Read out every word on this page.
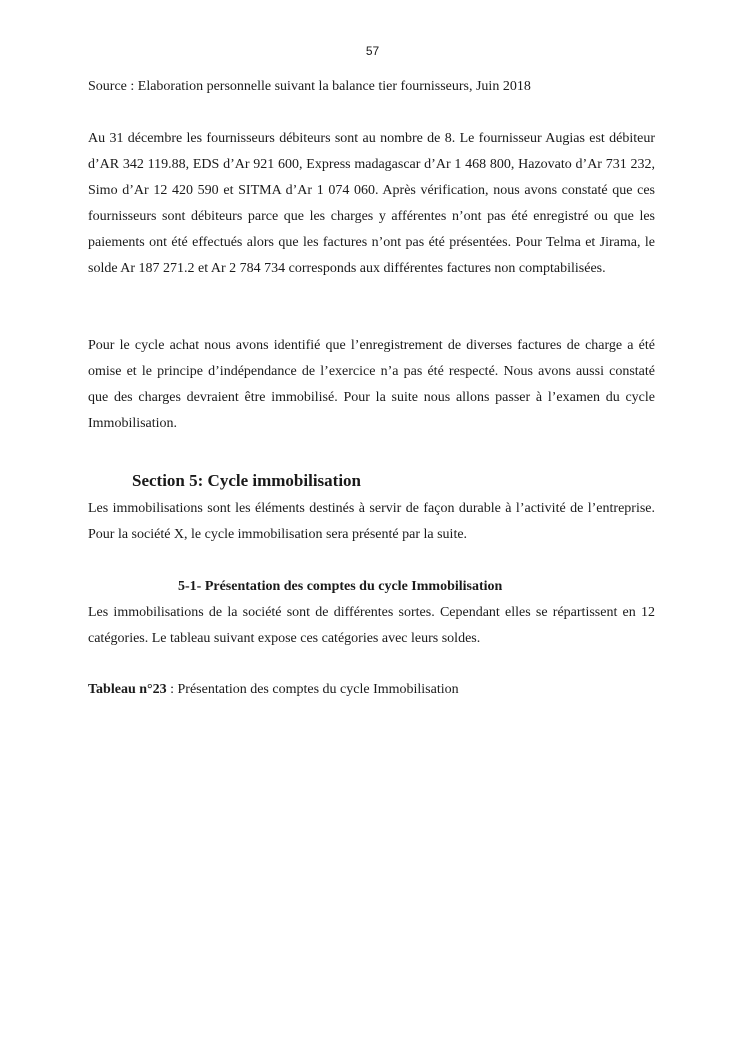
57
Source : Elaboration personnelle suivant la balance tier fournisseurs, Juin 2018
Au 31 décembre les fournisseurs débiteurs sont au nombre de 8. Le fournisseur Augias est débiteur d’AR 342 119.88, EDS d’Ar 921 600, Express madagascar d’Ar 1 468 800, Hazovato d’Ar 731 232, Simo d’Ar 12 420 590 et SITMA d’Ar 1 074 060. Après vérification, nous avons constaté que ces fournisseurs sont débiteurs parce que les charges y afférentes n’ont pas été enregistré ou que les paiements ont été effectués alors que les factures n’ont pas été présentées. Pour Telma et Jirama, le solde Ar 187 271.2 et Ar 2 784 734 corresponds aux différentes factures non comptabilisées.
Pour le cycle achat nous avons identifié que l’enregistrement de diverses factures de charge a été omise et le principe d’indépendance de l’exercice n’a pas été respecté. Nous avons aussi constaté que des charges devraient être immobilisé. Pour la suite nous allons passer à l’examen du cycle Immobilisation.
Section 5: Cycle immobilisation
Les immobilisations sont les éléments destinés à servir de façon durable à l’activité de l’entreprise. Pour la société X, le cycle immobilisation sera présenté par la suite.
5-1- Présentation des comptes du cycle Immobilisation
Les immobilisations de la société sont de différentes sortes. Cependant elles se répartissent en 12 catégories. Le tableau suivant expose ces catégories avec leurs soldes.
Tableau n°23 : Présentation des comptes du cycle Immobilisation
